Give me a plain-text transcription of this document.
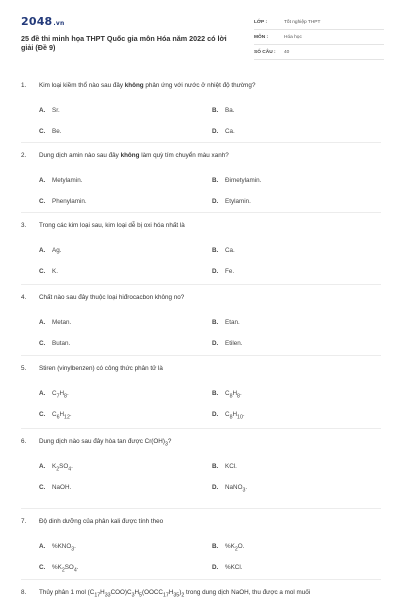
2048.vn
25 đề thi minh họa THPT Quốc gia môn Hóa năm 2022 có lời giải (Đề 9)
LỚP :	Tốt nghiệp THPT
MÔN :	Hóa học
SỐ CÂU :	40
1. Kim loại kiềm thổ nào sau đây không phản ứng với nước ở nhiệt độ thường?
A. Sr.	B. Ba.
C. Be.	D. Ca.
2. Dung dịch amin nào sau đây không làm quỳ tím chuyển màu xanh?
A. Metylamin.	B. Đimetylamin.
C. Phenylamin.	D. Etylamin.
3. Trong các kim loại sau, kim loại dễ bị oxi hóa nhất là
A. Ag.	B. Ca.
C. K.	D. Fe.
4. Chất nào sau đây thuộc loại hiđrocacbon không no?
A. Metan.	B. Etan.
C. Butan.	D. Etilen.
5. Stiren (vinylbenzen) có công thức phân tử là
A. $C_7H_8$.	B. $C_8H_8$.
C. $C_6H_{12}$.	D. $C_8H_{10}$.
6. Dung dịch nào sau đây hòa tan được $Cr(OH)_3$?
A. $K_2SO_4$.	B. KCl.
C. NaOH.	D. NaNO$_3$.
7. Độ dinh dưỡng của phân kali được tính theo
A. $\%KNO_3$.	B. $\%K_2O$.
C. $\%K_2SO_4$.	D. %KCl.
8. Thủy phân 1 mol $(C_{17}H_{33}COO)C_3H_5(OOCC_{17}H_{35})_2$ trong dung dịch NaOH, thu được a mol muối
